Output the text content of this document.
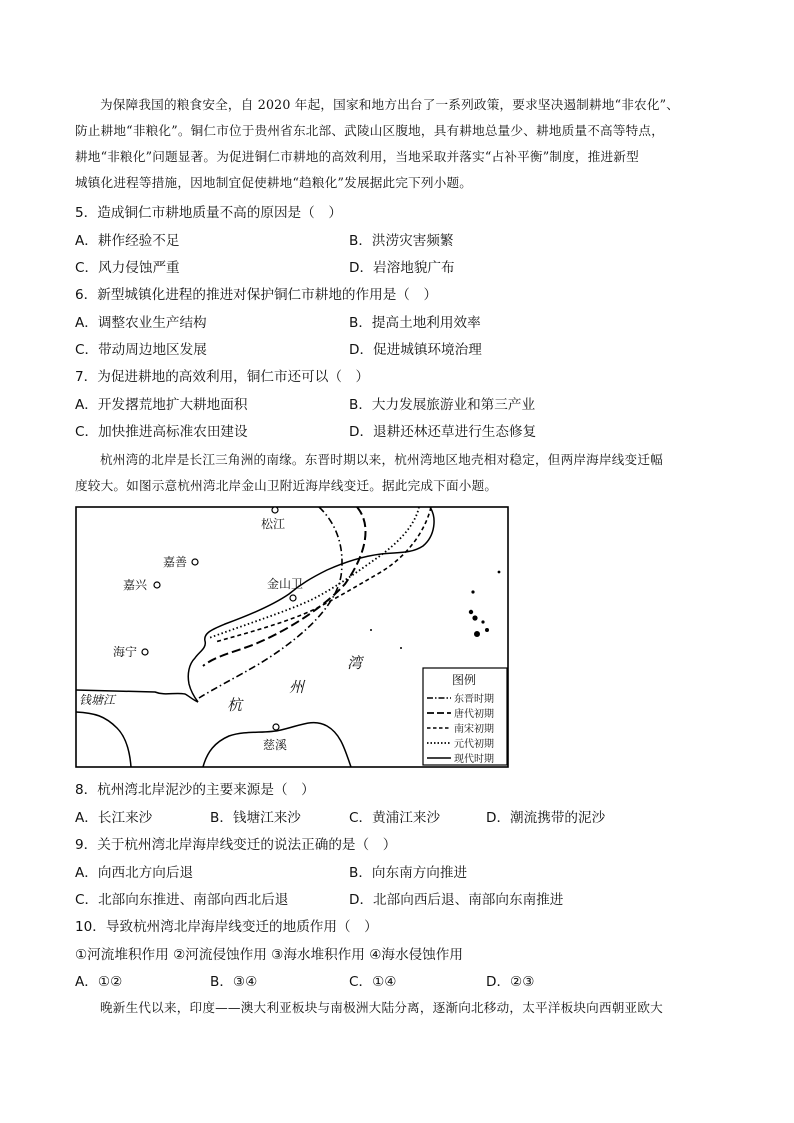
为保障我国的粮食安全，自 2020 年起，国家和地方出台了一系列政策，要求坚决遏制耕地“非农化”、
防止耕地“非粮化”。铜仁市位于贵州省东北部、武陵山区腹地，具有耕地总量少、耕地质量不高等特点，
耕地“非粮化”问题显著。为促进铜仁市耕地的高效利用，当地采取并落实“占补平衡”制度，推进新型
城镇化进程等措施，因地制宜促使耕地“趋粮化”发展据此完下列小题。
5．造成铜仁市耕地质量不高的原因是（　）
A．耕作经验不足	B．洪涝灾害频繁
C．风力侵蚀严重	D．岩溶地貌广布
6．新型城镇化进程的推进对保护铜仁市耕地的作用是（　）
A．调整农业生产结构	B．提高土地利用效率
C．带动周边地区发展	D．促进城镇环境治理
7．为促进耕地的高效利用，铜仁市还可以（　）
A．开发撂荒地扩大耕地面积	B．大力发展旅游业和第三产业
C．加快推进高标准农田建设	D．退耕还林还草进行生态修复
杭州湾的北岸是长江三角洲的南缘。东晋时期以来，杭州湾地区地壳相对稳定，但两岸海岸线变迁幅
度较大。如图示意杭州湾北岸金山卫附近海岸线变迁。据此完成下面小题。
松江
嘉善
嘉兴	金山卫
海宁
慈溪
钱塘江
湾
州
杭
图例
东晋时期
唐代初期
南宋初期
元代初期
现代时期
8．杭州湾北岸泥沙的主要来源是（　）
A．长江来沙	B．钱塘江来沙	C．黄浦江来沙	D．潮流携带的泥沙
9．关于杭州湾北岸海岸线变迁的说法正确的是（　）
A．向西北方向后退	B．向东南方向推进
C．北部向东推进、南部向西北后退	D．北部向西后退、南部向东南推进
10．导致杭州湾北岸海岸线变迁的地质作用（　）
①河流堆积作用 ②河流侵蚀作用 ③海水堆积作用 ④海水侵蚀作用
A．①②	B．③④	C．①④	D．②③
晚新生代以来，印度——澳大利亚板块与南极洲大陆分离，逐渐向北移动，太平洋板块向西朝亚欧大
